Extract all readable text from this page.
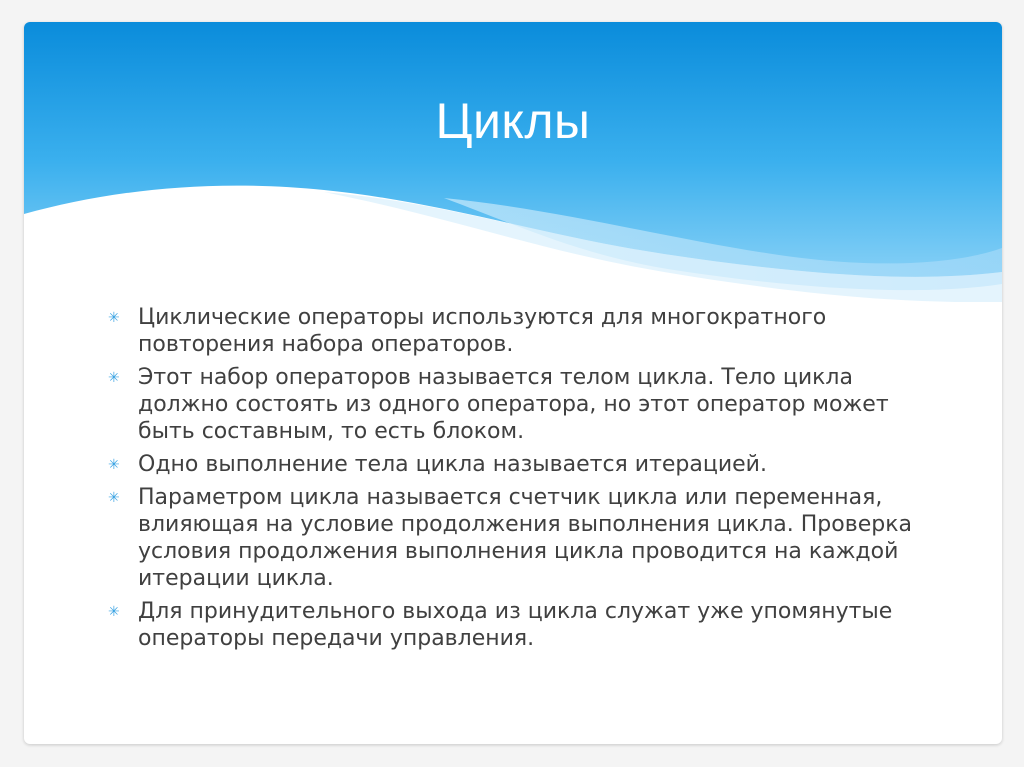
Циклы
✳ Циклические операторы используются для многократного повторения набора операторов.
✳ Этот набор операторов называется телом цикла. Тело цикла должно состоять из одного оператора, но этот оператор может быть составным, то есть блоком.
✳ Одно выполнение тела цикла называется итерацией.
✳ Параметром цикла называется счетчик цикла или переменная, влияющая на условие продолжения выполнения цикла. Проверка условия продолжения выполнения цикла проводится на каждой итерации цикла.
✳ Для принудительного выхода из цикла служат уже упомянутые операторы передачи управления.
